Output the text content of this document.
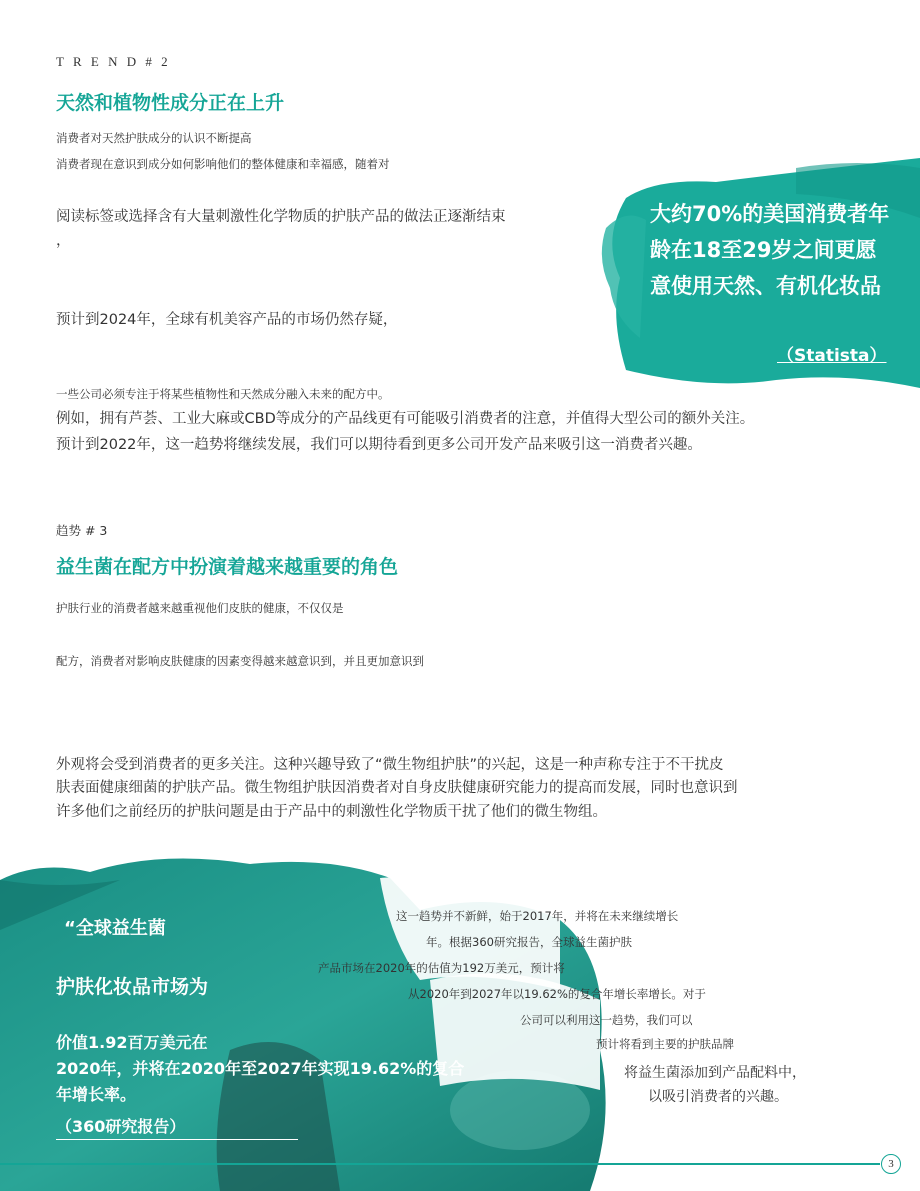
T R E N D # 2
天然和植物性成分正在上升
消费者对天然护肤成分的认识不断提高
消费者现在意识到成分如何影响他们的整体健康和幸福感，随着对
阅读标签或选择含有大量刺激性化学物质的护肤产品的做法正逐渐结束
，
预计到2024年，全球有机美容产品的市场仍然存疑，
一些公司必须专注于将某些植物性和天然成分融入未来的配方中。
例如，拥有芦荟、工业大麻或CBD等成分的产品线更有可能吸引消费者的注意，并值得大型公司的额外关注。
预计到2022年，这一趋势将继续发展，我们可以期待看到更多公司开发产品来吸引这一消费者兴趣。
大约70%的美国消费者年龄在18至29岁之间更愿意使用天然、有机化妆品
（Statista）
趋势 # 3
益生菌在配方中扮演着越来越重要的角色
护肤行业的消费者越来越重视他们皮肤的健康，不仅仅是
配方，消费者对影响皮肤健康的因素变得越来越意识到，并且更加意识到
外观将会受到消费者的更多关注。这种兴趣导致了“微生物组护肤”的兴起，这是一种声称专注于不干扰皮
肤表面健康细菌的护肤产品。微生物组护肤因消费者对自身皮肤健康研究能力的提高而发展，同时也意识到
许多他们之前经历的护肤问题是由于产品中的刺激性化学物质干扰了他们的微生物组。
“全球益生菌
护肤化妆品市场为
价值1.92百万美元在
2020年，并将在2020年至2027年实现19.62%的复合
年增长率。
（360研究报告）
这一趋势并不新鲜，始于2017年，并将在未来继续增长
年。根据360研究报告，全球益生菌护肤
产品市场在2020年的估值为192万美元，预计将
从2020年到2027年以19.62%的复合年增长率增长。对于
公司可以利用这一趋势，我们可以
预计将看到主要的护肤品牌
将益生菌添加到产品配料中，
以吸引消费者的兴趣。
3
